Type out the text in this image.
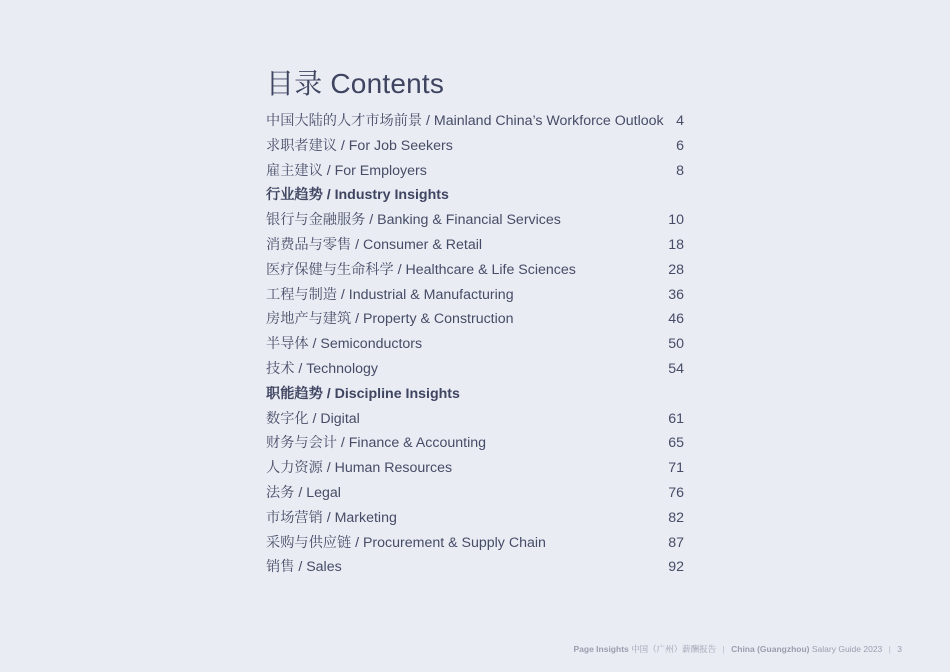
目录 Contents
中国大陆的人才市场前景 / Mainland China’s Workforce Outlook 4
求职者建议 / For Job Seekers	6
雇主建议 / For Employers	8
行业趋势 / Industry Insights
银行与金融服务 / Banking & Financial Services	10
消费品与零售 / Consumer & Retail	18
医疗保健与生命科学 / Healthcare & Life Sciences	28
工程与制造 / Industrial & Manufacturing	36
房地产与建筑 / Property & Construction	46
半导体 / Semiconductors	50
技术 / Technology	54
职能趋势 / Discipline Insights
数字化 / Digital	61
财务与会计 / Finance & Accounting	65
人力资源 / Human Resources	71
法务 / Legal	76
市场营销 / Marketing	82
采购与供应链 / Procurement & Supply Chain	87
销售 / Sales	92
Page Insights 中国（广州）薪酬报告 | China (Guangzhou) Salary Guide 2023 | 3
